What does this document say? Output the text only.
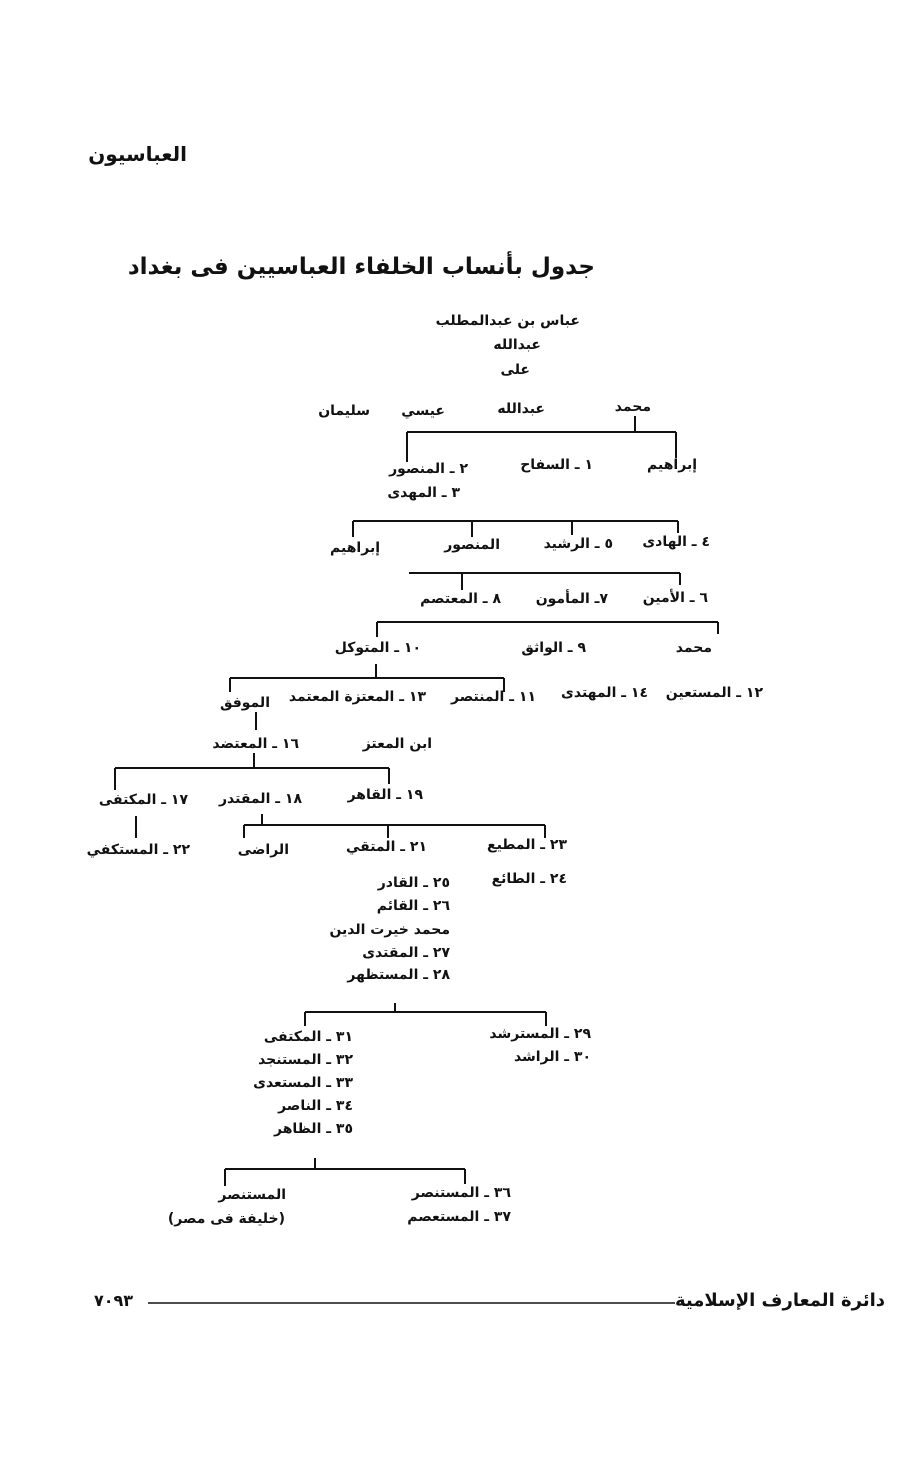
العباسيون
جدول بأنساب الخلفاء العباسيين فى بغداد
عباس بن عبدالمطلب
عبدالله
على
محمد
عبدالله
عيسي
سليمان
إبراهيم
١ ـ السفاح
٢ ـ المنصور
٣ ـ المهدى
٤ ـ الهادى
٥ ـ الرشيد
المنصور
إبراهيم
٦ ـ الأمين
٧ـ المأمون
٨ ـ المعتصم
محمد
٩ ـ الواثق
١٠ ـ المتوكل
١٢ ـ المستعين
١٤ ـ المهتدى
١١ ـ المنتصر
١٣ ـ المعتزة المعتمد
الموفق
ابن المعتز
١٦ ـ المعتضد
١٩ ـ القاهر
١٨ ـ المقتدر
١٧ ـ المكتفى
٢٢ ـ المستكفي	٢٣ ـ المطيع
٢١ ـ المتقي
الراضى
٢٤ ـ الطائع
٢٥ ـ القادر
٢٦ ـ القائم
محمد خيرت الدين
٢٧ ـ المقتدى
٢٨ ـ المستظهر
٢٩ ـ المسترشد
٣٠ ـ الراشد
٣١ ـ المكتفى
٣٢ ـ المستنجد
٣٣ ـ المستعدى
٣٤ ـ الناصر
٣٥ ـ الظاهر
٣٦ ـ المستنصر
٣٧ ـ المستعصم
المستنصر
(خليفة فى مصر)
دائرة المعارف الإسلامية
٧٠٩٣
